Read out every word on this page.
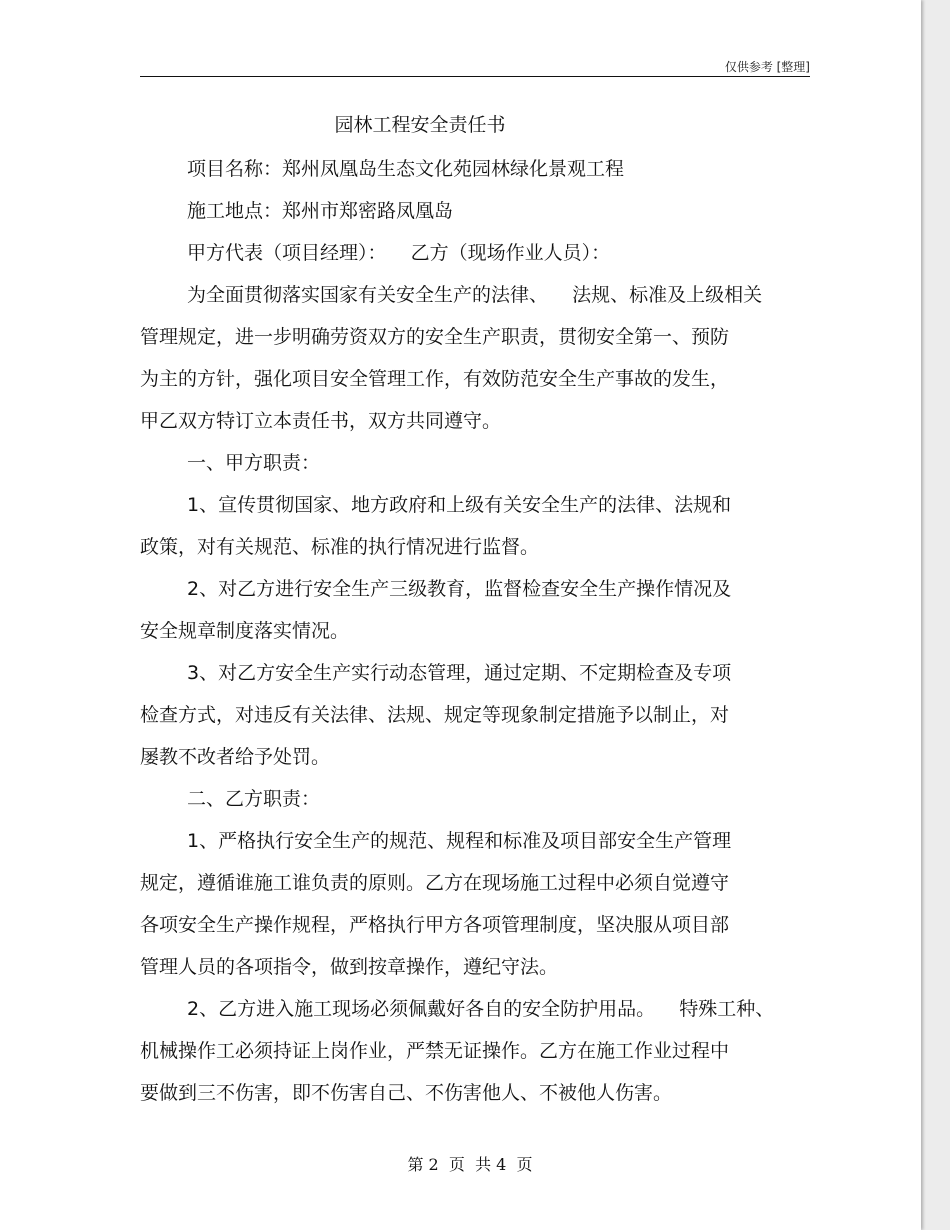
仅供参考 [整理]
园林工程安全责任书
项目名称：郑州凤凰岛生态文化苑园林绿化景观工程
施工地点：郑州市郑密路凤凰岛
甲方代表（项目经理）：    乙方（现场作业人员）：
为全面贯彻落实国家有关安全生产的法律、    法规、标准及上级相关
管理规定，进一步明确劳资双方的安全生产职责，贯彻安全第一、预防
为主的方针，强化项目安全管理工作，有效防范安全生产事故的发生，
甲乙双方特订立本责任书，双方共同遵守。
一、甲方职责：
1、宣传贯彻国家、地方政府和上级有关安全生产的法律、法规和
政策，对有关规范、标准的执行情况进行监督。
2、对乙方进行安全生产三级教育，监督检查安全生产操作情况及
安全规章制度落实情况。
3、对乙方安全生产实行动态管理，通过定期、不定期检查及专项
检查方式，对违反有关法律、法规、规定等现象制定措施予以制止，对
屡教不改者给予处罚。
二、乙方职责：
1、严格执行安全生产的规范、规程和标准及项目部安全生产管理
规定，遵循谁施工谁负责的原则。乙方在现场施工过程中必须自觉遵守
各项安全生产操作规程，严格执行甲方各项管理制度，坚决服从项目部
管理人员的各项指令，做到按章操作，遵纪守法。
2、乙方进入施工现场必须佩戴好各自的安全防护用品。    特殊工种、
机械操作工必须持证上岗作业，严禁无证操作。乙方在施工作业过程中
要做到三不伤害，即不伤害自己、不伤害他人、不被他人伤害。
第 2  页  共 4  页
